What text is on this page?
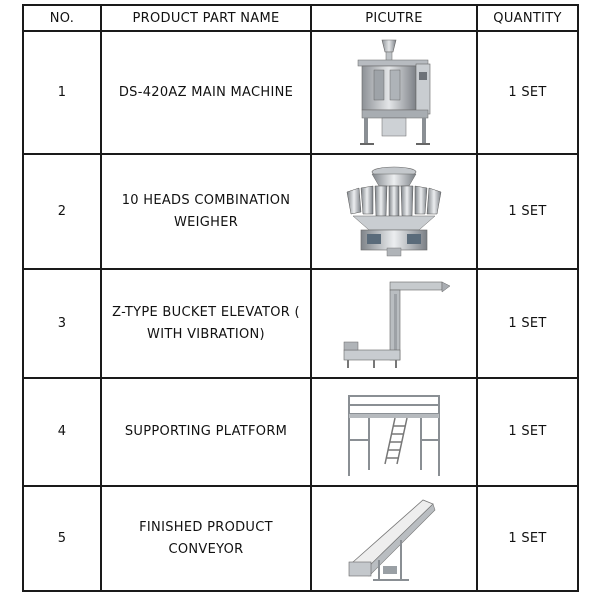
NO.	PRODUCT PART NAME	PICUTRE	QUANTITY
1	DS-420AZ MAIN MACHINE		1 SET
2	10 HEADS COMBINATION WEIGHER		1 SET
3	Z-TYPE BUCKET ELEVATOR ( WITH VIBRATION)		1 SET
4	SUPPORTING PLATFORM		1 SET
5	FINISHED PRODUCT CONVEYOR		1 SET
